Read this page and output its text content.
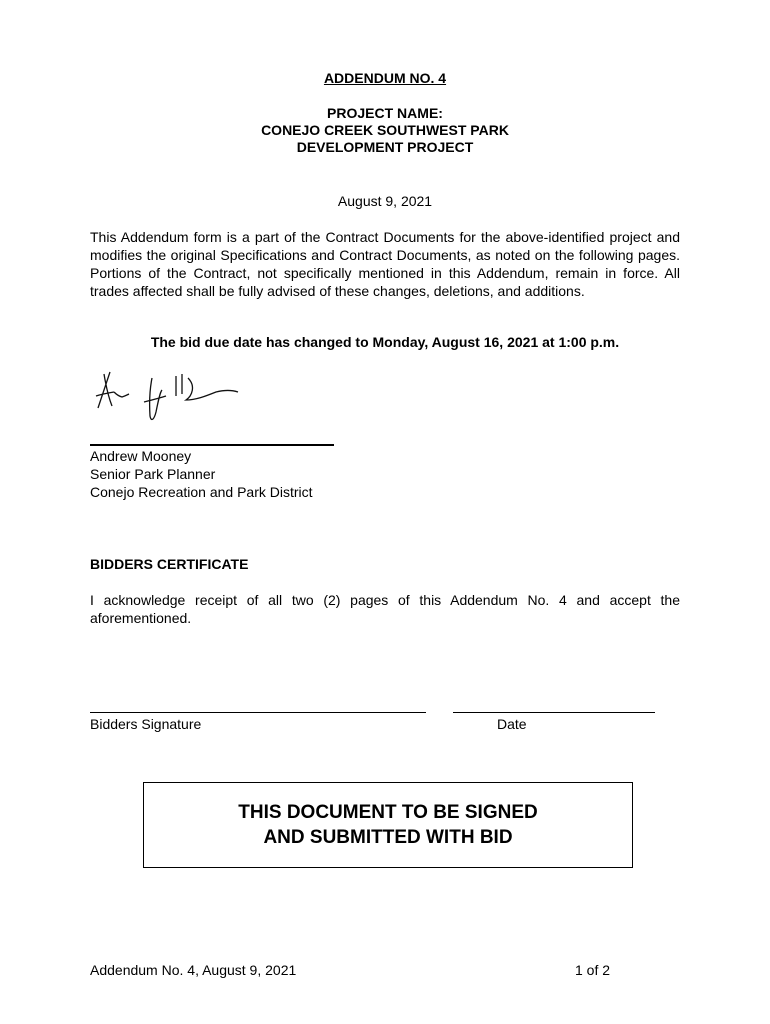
ADDENDUM NO. 4
PROJECT NAME:
CONEJO CREEK SOUTHWEST PARK
DEVELOPMENT PROJECT
August 9, 2021
This Addendum form is a part of the Contract Documents for the above-identified project and modifies the original Specifications and Contract Documents, as noted on the following pages. Portions of the Contract, not specifically mentioned in this Addendum, remain in force. All trades affected shall be fully advised of these changes, deletions, and additions.
The bid due date has changed to Monday, August 16, 2021 at 1:00 p.m.
Andrew Mooney
Senior Park Planner
Conejo Recreation and Park District
BIDDERS CERTIFICATE
I acknowledge receipt of all two (2) pages of this Addendum No. 4 and accept the aforementioned.
Bidders Signature	Date
THIS DOCUMENT TO BE SIGNED
AND SUBMITTED WITH BID
Addendum No. 4, August 9, 2021	1 of 2
